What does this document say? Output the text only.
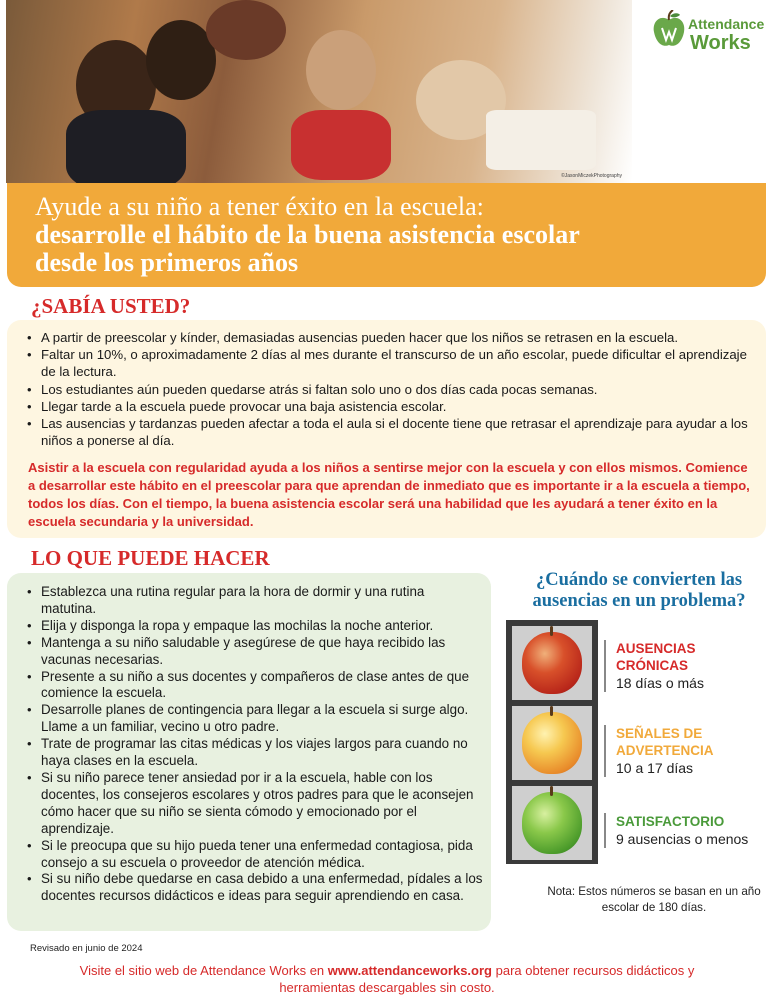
©JasonMiczekPhotography
Attendance
Works
Ayude a su niño a tener éxito en la escuela:
desarrolle el hábito de la buena asistencia escolar
desde los primeros años
¿SABÍA USTED?
• A partir de preescolar y kínder, demasiadas ausencias pueden hacer que los niños se retrasen en la escuela.
• Faltar un 10%, o aproximadamente 2 días al mes durante el transcurso de un año escolar, puede dificultar el aprendizaje de la lectura.
• Los estudiantes aún pueden quedarse atrás si faltan solo uno o dos días cada pocas semanas.
• Llegar tarde a la escuela puede provocar una baja asistencia escolar.
• Las ausencias y tardanzas pueden afectar a toda el aula si el docente tiene que retrasar el aprendizaje para ayudar a los niños a ponerse al día.
Asistir a la escuela con regularidad ayuda a los niños a sentirse mejor con la escuela y con ellos mismos. Comience a desarrollar este hábito en el preescolar para que aprendan de inmediato que es importante ir a la escuela a tiempo, todos los días. Con el tiempo, la buena asistencia escolar será una habilidad que les ayudará a tener éxito en la escuela secundaria y la universidad.
LO QUE PUEDE HACER
• Establezca una rutina regular para la hora de dormir y una rutina matutina.
• Elija y disponga la ropa y empaque las mochilas la noche anterior.
• Mantenga a su niño saludable y asegúrese de que haya recibido las vacunas necesarias.
• Presente a su niño a sus docentes y compañeros de clase antes de que comience la escuela.
• Desarrolle planes de contingencia para llegar a la escuela si surge algo. Llame a un familiar, vecino u otro padre.
• Trate de programar las citas médicas y los viajes largos para cuando no haya clases en la escuela.
• Si su niño parece tener ansiedad por ir a la escuela, hable con los docentes, los consejeros escolares y otros padres para que le aconsejen cómo hacer que su niño se sienta cómodo y emocionado por el aprendizaje.
• Si le preocupa que su hijo pueda tener una enfermedad contagiosa, pida consejo a su escuela o proveedor de atención médica.
• Si su niño debe quedarse en casa debido a una enfermedad, pídales a los docentes recursos didácticos e ideas para seguir aprendiendo en casa.
¿Cuándo se convierten las ausencias en un problema?
AUSENCIAS
CRÓNICAS
18 días o más
SEÑALES DE
ADVERTENCIA
10 a 17 días
SATISFACTORIO
9 ausencias o menos
Nota: Estos números se basan en un año escolar de 180 días.
Revisado en junio de 2024
Visite el sitio web de Attendance Works en www.attendanceworks.org para obtener recursos didácticos y herramientas descargables sin costo.
